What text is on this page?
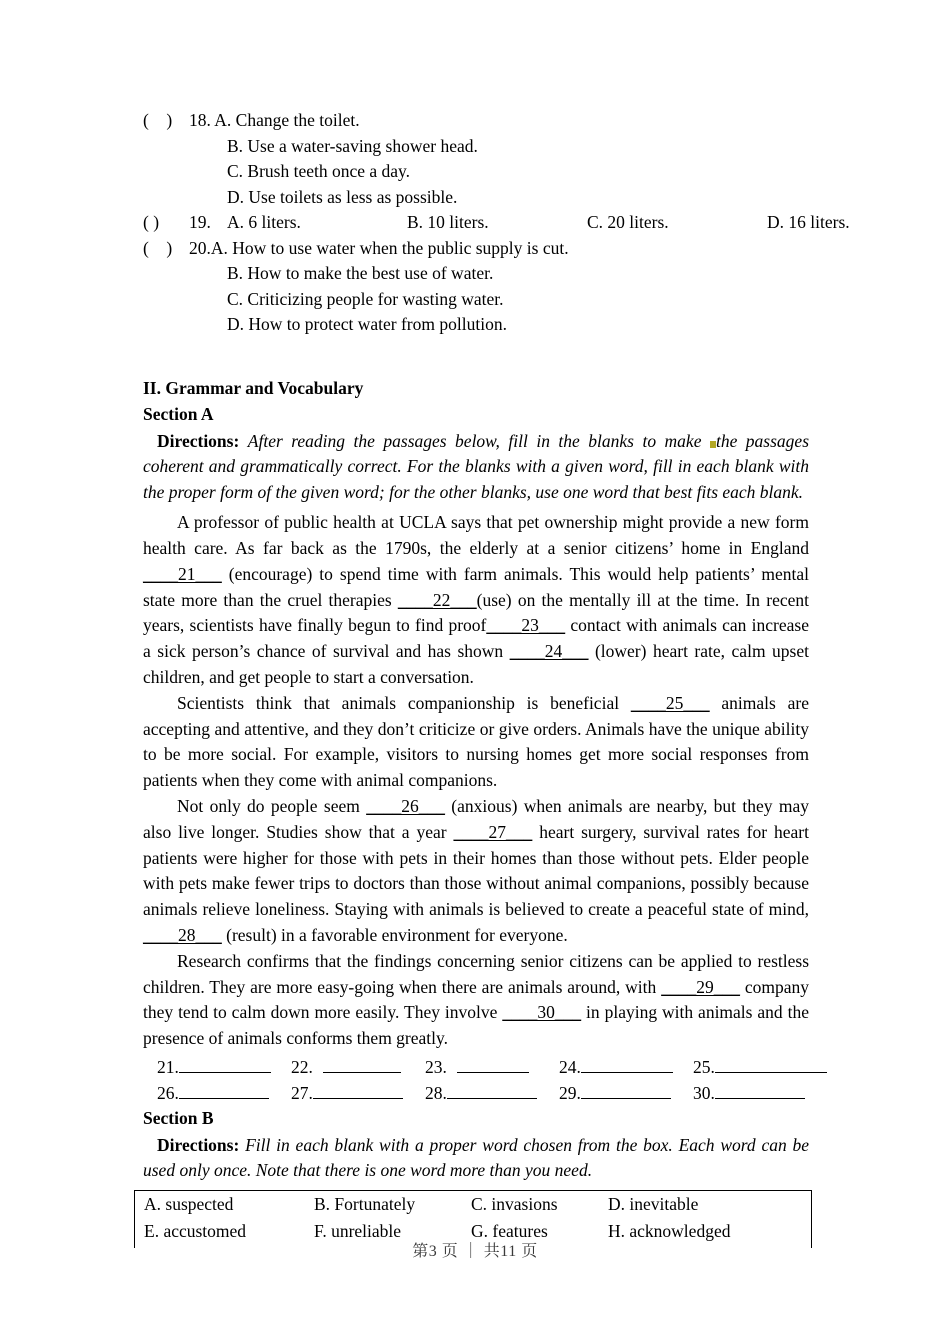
(    ) 18. A. Change the toilet.
B. Use a water-saving shower head.
C. Brush teeth once a day.
D. Use toilets as less as possible.
( )	19. A. 6 liters.	B. 10 liters.	C. 20 liters.	D. 16 liters.
(    ) 20.A. How to use water when the public supply is cut.
B. How to make the best use of water.
C. Criticizing people for wasting water.
D. How to protect water from pollution.
II. Grammar and Vocabulary
Section A
Directions: After reading the passages below, fill in the blanks to make the passages coherent and grammatically correct. For the blanks with a given word, fill in each blank with the proper form of the given word; for the other blanks, use one word that best fits each blank.

A professor of public health at UCLA says that pet ownership might provide a new form health care. As far back as the 1790s, the elderly at a senior citizens’ home in England ____21___ (encourage) to spend time with farm animals. This would help patients’ mental state more than the cruel therapies ____22___(use) on the mentally ill at the time. In recent years, scientists have finally begun to find proof____23___ contact with animals can increase a sick person’s chance of survival and has shown ____24___ (lower) heart rate, calm upset children, and get people to start a conversation.

Scientists think that animals companionship is beneficial ____25___ animals are accepting and attentive, and they don’t criticize or give orders. Animals have the unique ability to be more social. For example, visitors to nursing homes get more social responses from patients when they come with animal companions.

Not only do people seem ____26___ (anxious) when animals are nearby, but they may also live longer. Studies show that a year ____27___ heart surgery, survival rates for heart patients were higher for those with pets in their homes than those without pets. Elder people with pets make fewer trips to doctors than those without animal companions, possibly because animals relieve loneliness. Staying with animals is believed to create a peaceful state of mind, ____28___ (result) in a favorable environment for everyone.

Research confirms that the findings concerning senior citizens can be applied to restless children. They are more easy-going when there are animals around, with ____29___ company they tend to calm down more easily. They involve ____30___ in playing with animals and the presence of animals conforms them greatly.

21.	22.	23.	24.	25.
26.	27.	28.	29.	30.
Section B
Directions: Fill in each blank with a proper word chosen from the box. Each word can be used only once. Note that there is one word more than you need.
A. suspected	B. Fortunately	C. invasions	D. inevitable
E. accustomed	F. unreliable	G. features	H. acknowledged
第3 页 ｜ 共11 页
